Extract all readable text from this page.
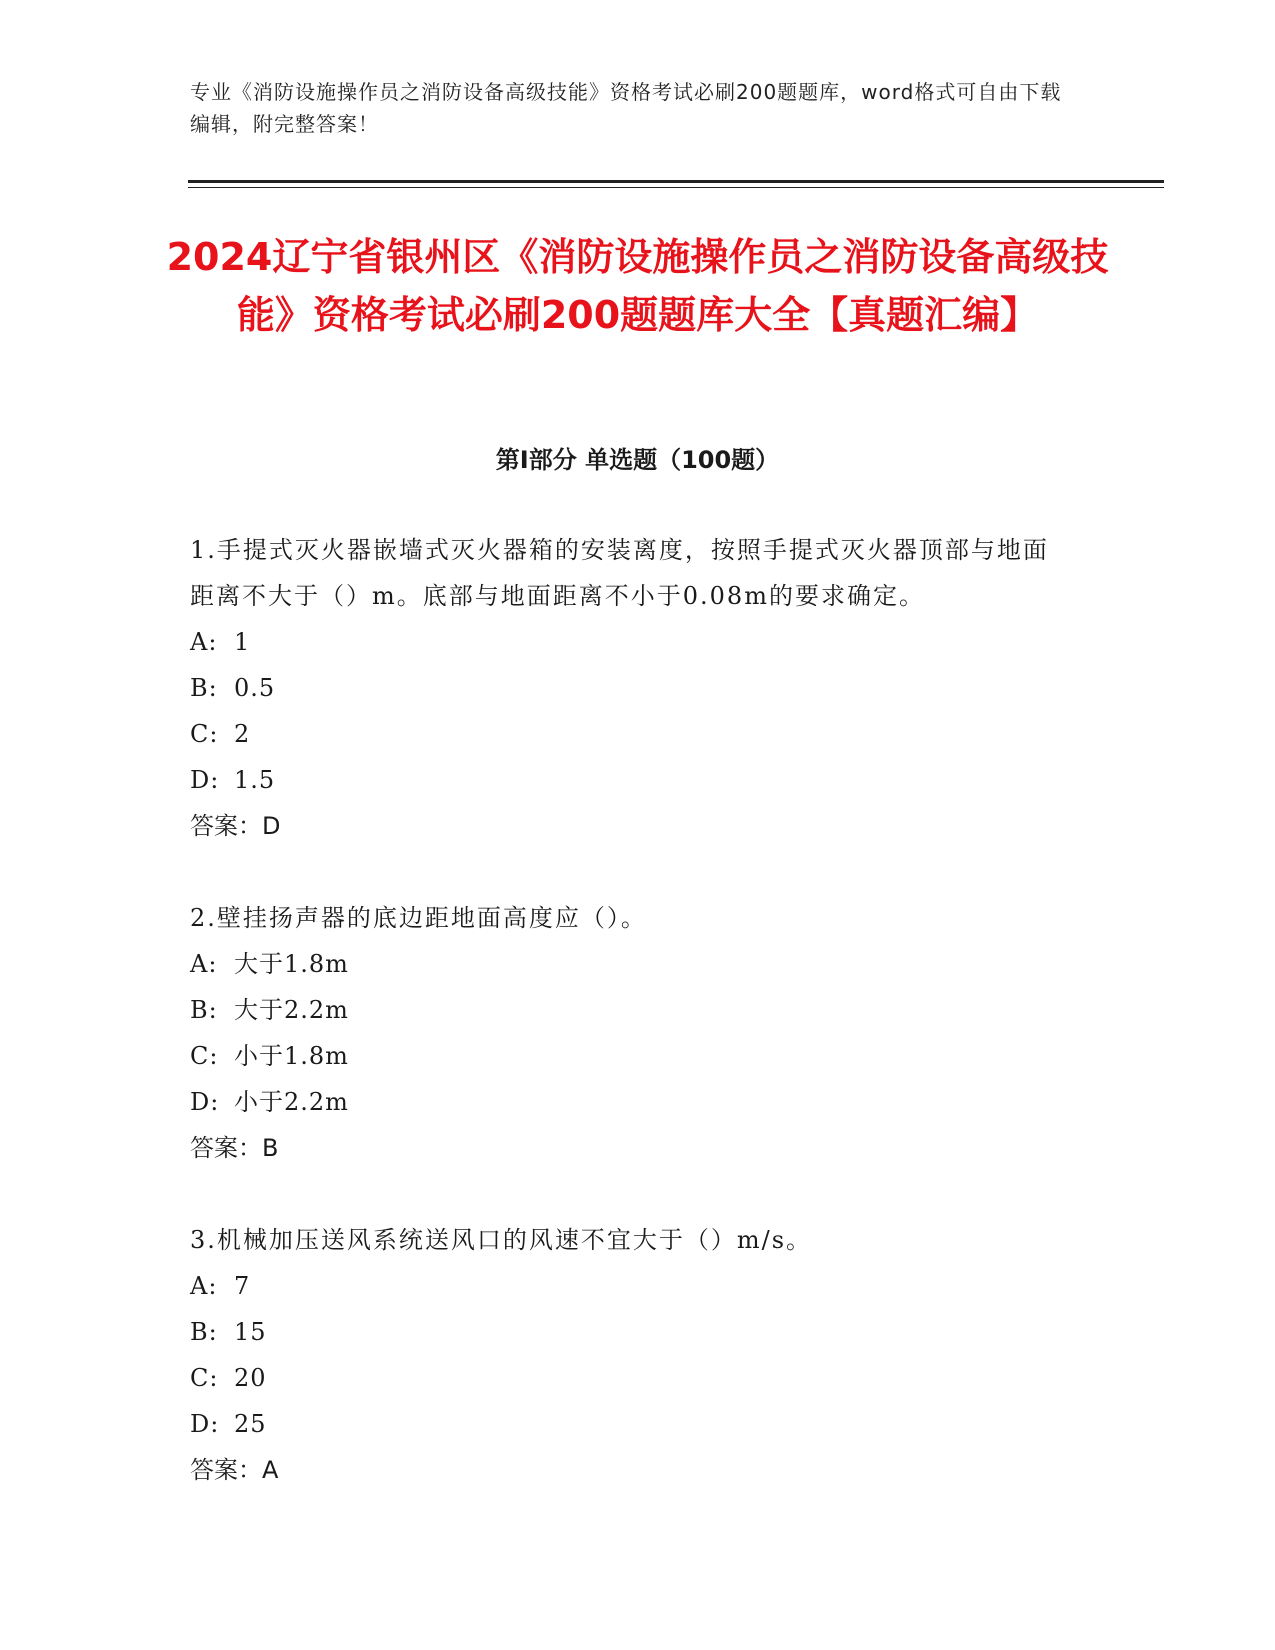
专业《消防设施操作员之消防设备高级技能》资格考试必刷200题题库，word格式可自由下载编辑，附完整答案！
2024辽宁省银州区《消防设施操作员之消防设备高级技能》资格考试必刷200题题库大全【真题汇编】
第Ⅰ部分 单选题（100题）
1.手提式灭火器嵌墙式灭火器箱的安装离度，按照手提式灭火器顶部与地面距离不大于（）m。底部与地面距离不小于0.08m的要求确定。
A: 1
B: 0.5
C: 2
D: 1.5
答案：D
2.壁挂扬声器的底边距地面高度应（）。
A: 大于1.8m
B: 大于2.2m
C: 小于1.8m
D: 小于2.2m
答案：B
3.机械加压送风系统送风口的风速不宜大于（）m/s。
A: 7
B: 15
C: 20
D: 25
答案：A
